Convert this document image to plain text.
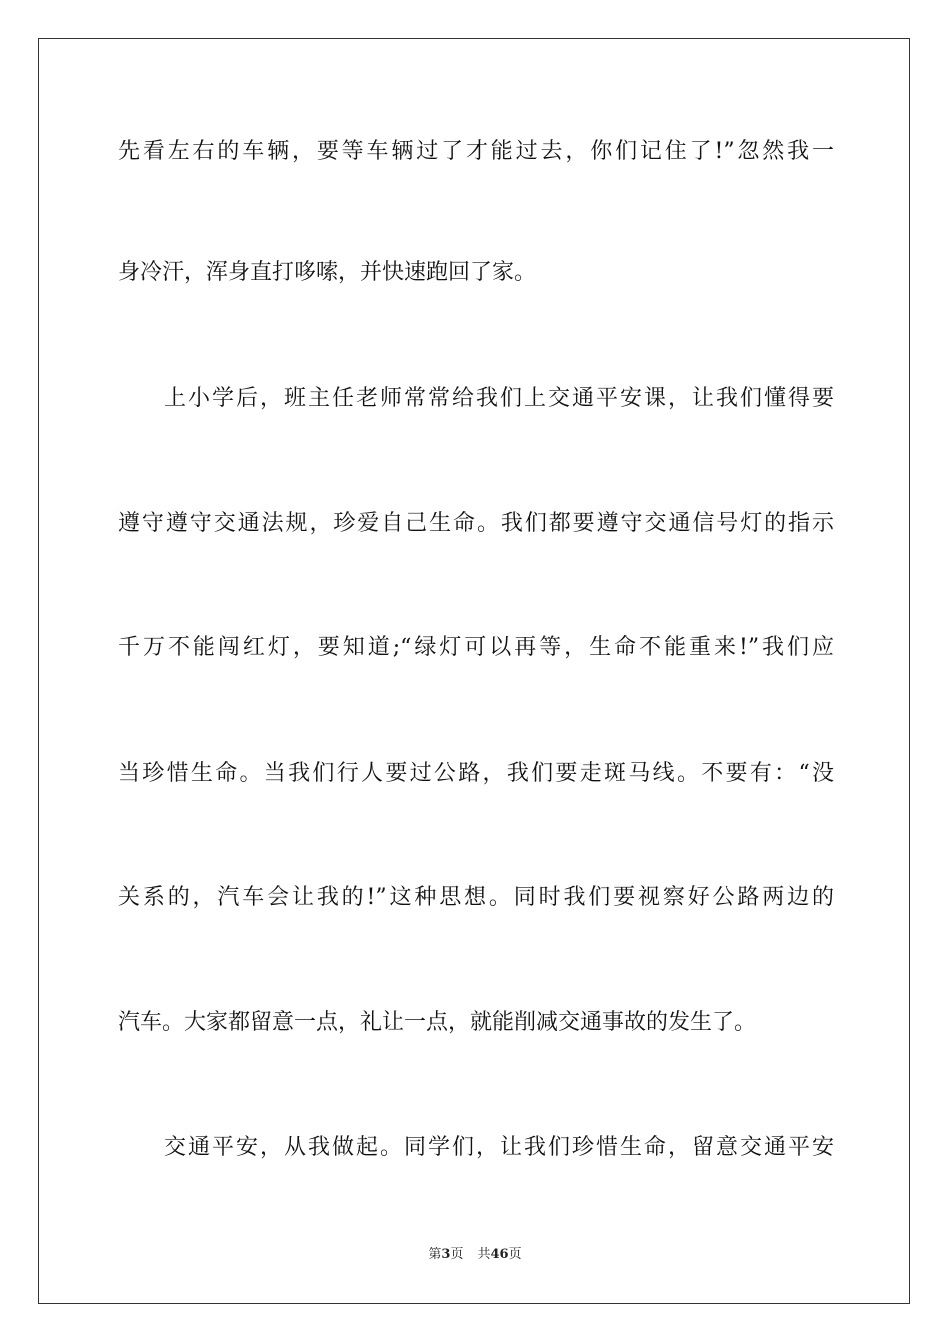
先看左右的车辆，要等车辆过了才能过去，你们记住了!”忽然我一
身冷汗，浑身直打哆嗦，并快速跑回了家。
上小学后，班主任老师常常给我们上交通平安课，让我们懂得要
遵守遵守交通法规，珍爱自己生命。我们都要遵守交通信号灯的指示
千万不能闯红灯，要知道;“绿灯可以再等，生命不能重来!”我们应
当珍惜生命。当我们行人要过公路，我们要走斑马线。不要有：“没
关系的，汽车会让我的!”这种思想。同时我们要视察好公路两边的
汽车。大家都留意一点，礼让一点，就能削减交通事故的发生了。
交通平安，从我做起。同学们，让我们珍惜生命，留意交通平安
第3页 共46页
